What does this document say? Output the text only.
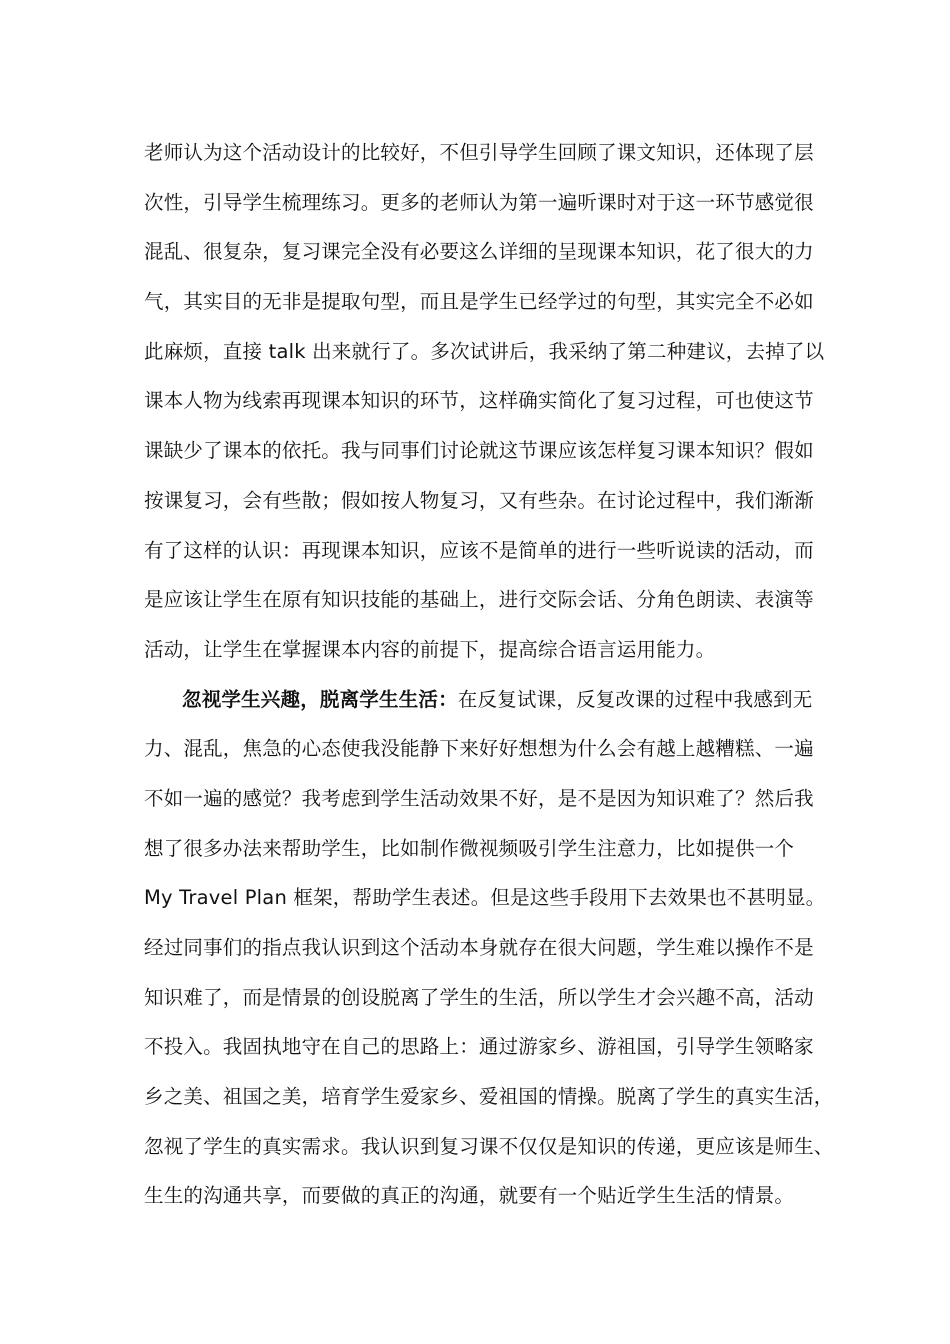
老师认为这个活动设计的比较好，不但引导学生回顾了课文知识，还体现了层
次性，引导学生梳理练习。更多的老师认为第一遍听课时对于这一环节感觉很
混乱、很复杂，复习课完全没有必要这么详细的呈现课本知识，花了很大的力
气，其实目的无非是提取句型，而且是学生已经学过的句型，其实完全不必如
此麻烦，直接 talk 出来就行了。多次试讲后，我采纳了第二种建议，去掉了以
课本人物为线索再现课本知识的环节，这样确实简化了复习过程，可也使这节
课缺少了课本的依托。我与同事们讨论就这节课应该怎样复习课本知识？假如
按课复习，会有些散；假如按人物复习，又有些杂。在讨论过程中，我们渐渐
有了这样的认识：再现课本知识，应该不是简单的进行一些听说读的活动，而
是应该让学生在原有知识技能的基础上，进行交际会话、分角色朗读、表演等
活动，让学生在掌握课本内容的前提下，提高综合语言运用能力。
忽视学生兴趣，脱离学生生活：在反复试课，反复改课的过程中我感到无
力、混乱，焦急的心态使我没能静下来好好想想为什么会有越上越糟糕、一遍
不如一遍的感觉？我考虑到学生活动效果不好，是不是因为知识难了？然后我
想了很多办法来帮助学生，比如制作微视频吸引学生注意力，比如提供一个
My Travel Plan 框架，帮助学生表述。但是这些手段用下去效果也不甚明显。
经过同事们的指点我认识到这个活动本身就存在很大问题，学生难以操作不是
知识难了，而是情景的创设脱离了学生的生活，所以学生才会兴趣不高，活动
不投入。我固执地守在自己的思路上：通过游家乡、游祖国，引导学生领略家
乡之美、祖国之美，培育学生爱家乡、爱祖国的情操。脱离了学生的真实生活，
忽视了学生的真实需求。我认识到复习课不仅仅是知识的传递，更应该是师生、
生生的沟通共享，而要做的真正的沟通，就要有一个贴近学生生活的情景。
